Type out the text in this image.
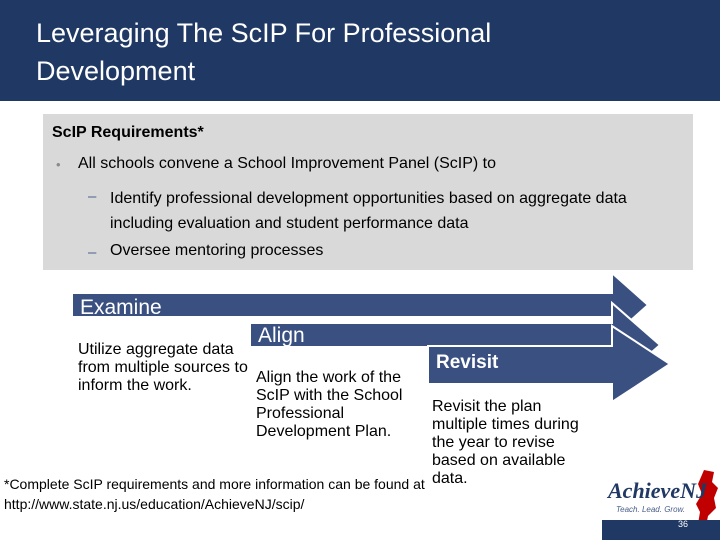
Leveraging The ScIP For Professional Development
ScIP Requirements*
• All schools convene a School Improvement Panel (ScIP) to
– Identify professional development opportunities based on aggregate data including evaluation and student performance data
– Oversee mentoring processes
Examine
Utilize aggregate data from multiple sources to inform the work.
Align
Align the work of the ScIP with the School Professional Development Plan.
Revisit
Revisit the plan multiple times during the year to revise based on available data.
*Complete ScIP requirements and more information can be found at http://www.state.nj.us/education/AchieveNJ/scip/
AchieveNJ
Teach. Lead. Grow.
36
